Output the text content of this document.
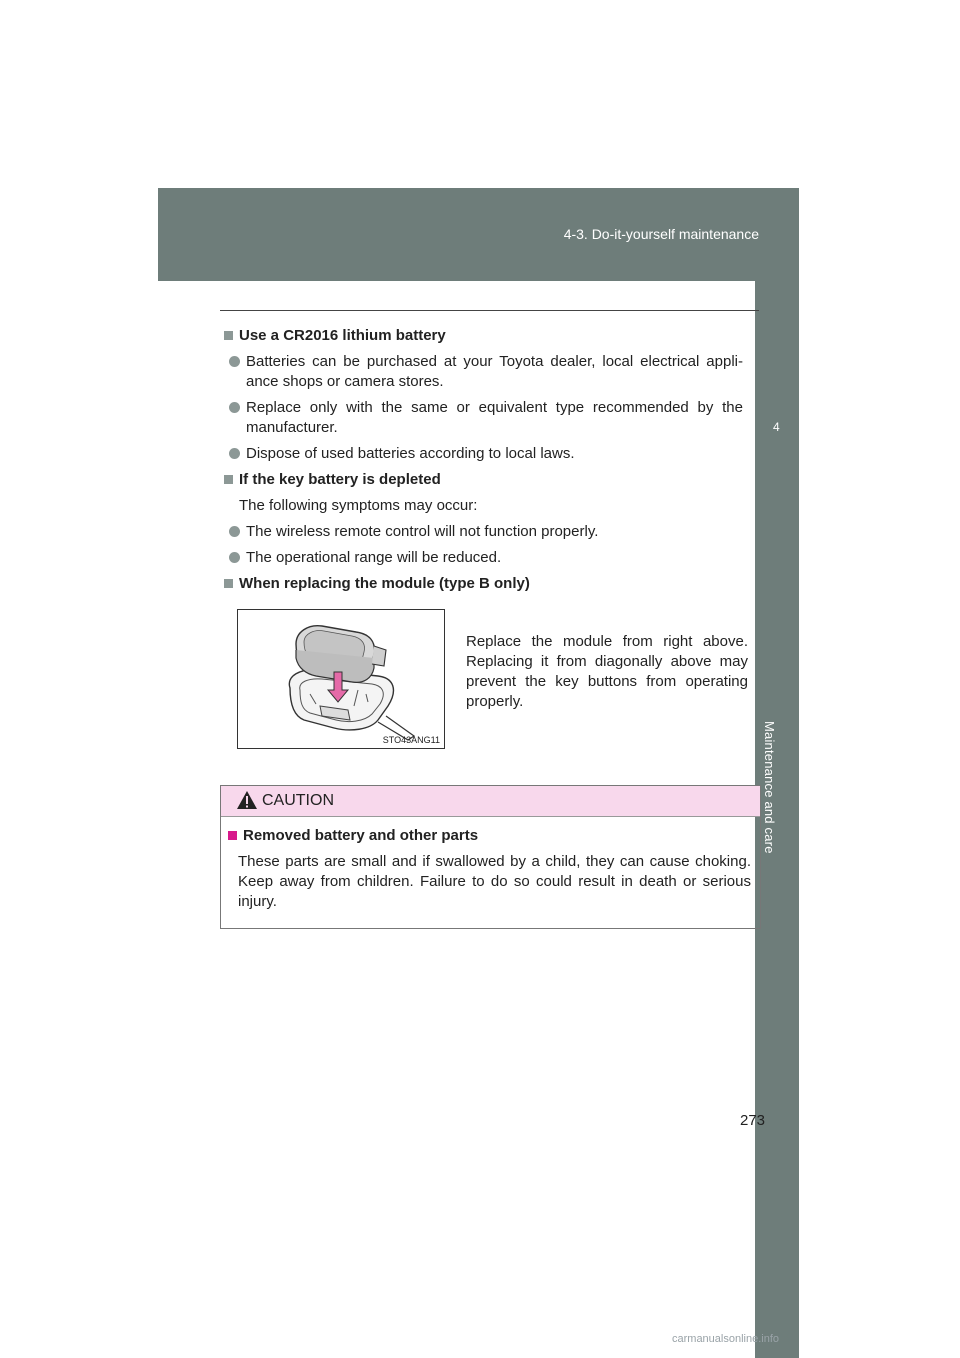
4-3. Do-it-yourself maintenance
4
Maintenance and care
Use a CR2016 lithium battery
Batteries can be purchased at your Toyota dealer, local electrical appli-ance shops or camera stores.
Replace only with the same or equivalent type recommended by the manufacturer.
Dispose of used batteries according to local laws.
If the key battery is depleted
The following symptoms may occur:
The wireless remote control will not function properly.
The operational range will be reduced.
When replacing the module (type B only)
STO43ANG11
Replace the module from right above. Replacing it from diagonally above may prevent the key buttons from operating properly.
CAUTION
Removed battery and other parts
These parts are small and if swallowed by a child, they can cause choking. Keep away from children. Failure to do so could result in death or serious injury.
273
carmanualsonline.info
